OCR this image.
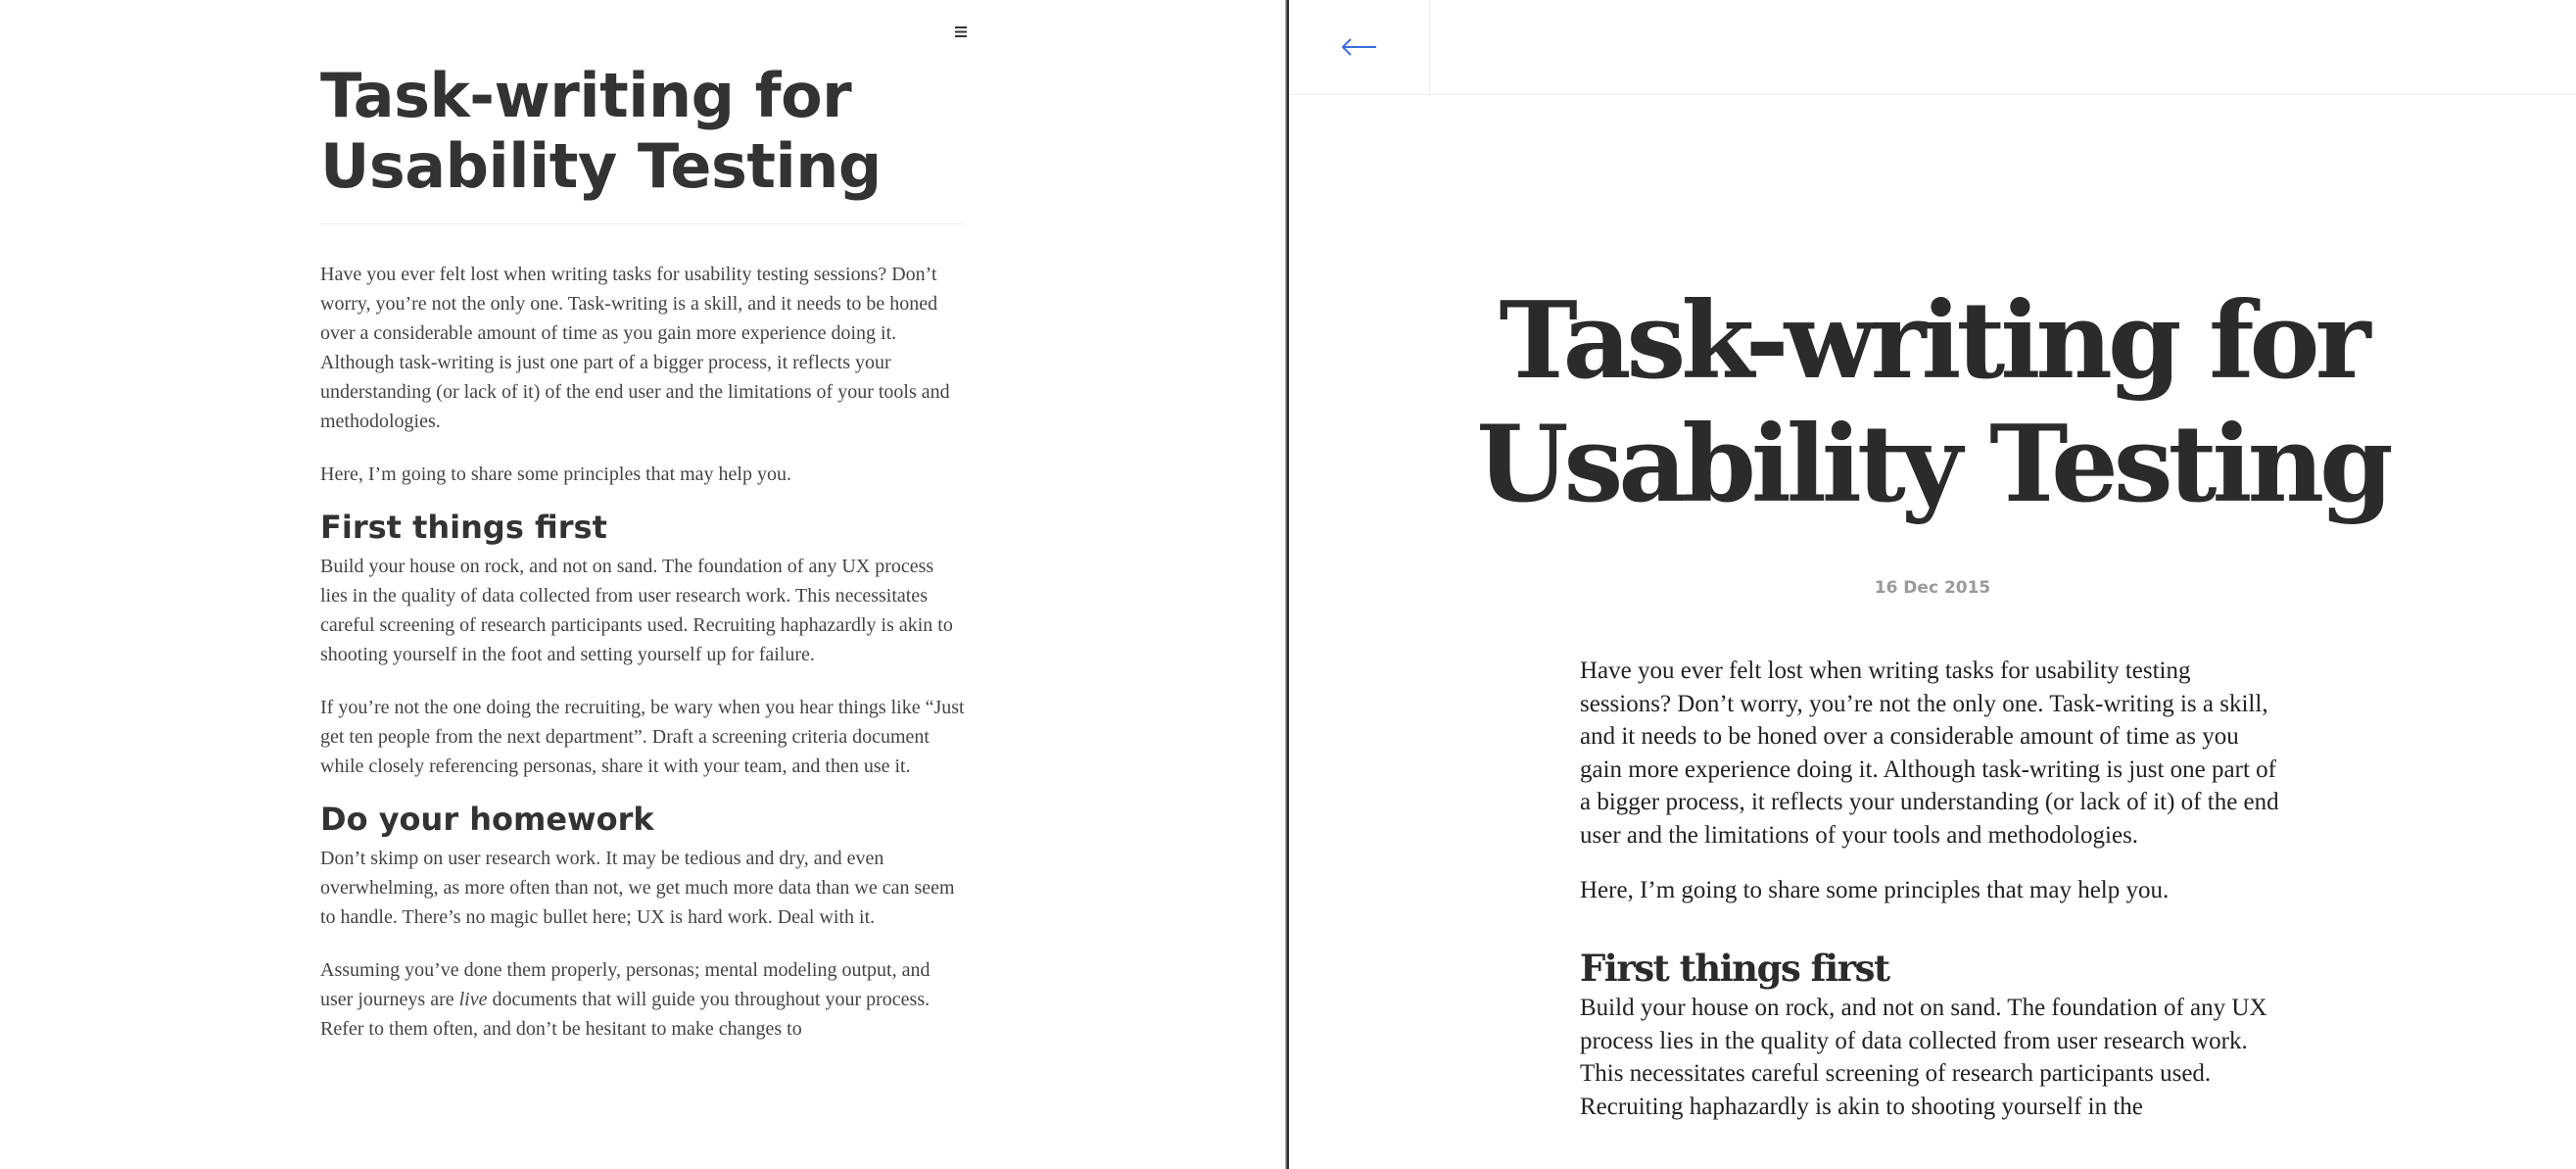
Task-writing for Usability Testing

Have you ever felt lost when writing tasks for usability testing sessions? Don’t worry, you’re not the only one. Task-writing is a skill, and it needs to be honed over a considerable amount of time as you gain more experience doing it. Although task-writing is just one part of a bigger process, it reflects your understanding (or lack of it) of the end user and the limitations of your tools and methodologies.

Here, I’m going to share some principles that may help you.

First things first

Build your house on rock, and not on sand. The foundation of any UX process lies in the quality of data collected from user research work. This necessitates careful screening of research participants used. Recruiting haphazardly is akin to shooting yourself in the foot and setting yourself up for failure.

If you’re not the one doing the recruiting, be wary when you hear things like “Just get ten people from the next department”. Draft a screening criteria document while closely referencing personas, share it with your team, and then use it.

Do your homework

Don’t skimp on user research work. It may be tedious and dry, and even overwhelming, as more often than not, we get much more data than we can seem to handle. There’s no magic bullet here; UX is hard work. Deal with it.

Assuming you’ve done them properly, personas; mental modeling output, and user journeys are live documents that will guide you throughout your process. Refer to them often, and don’t be hesitant to make changes to

Task-writing for Usability Testing
16 Dec 2015

Have you ever felt lost when writing tasks for usability testing sessions? Don’t worry, you’re not the only one. Task-writing is a skill, and it needs to be honed over a considerable amount of time as you gain more experience doing it. Although task-writing is just one part of a bigger process, it reflects your understanding (or lack of it) of the end user and the limitations of your tools and methodologies.

Here, I’m going to share some principles that may help you.

First things first

Build your house on rock, and not on sand. The foundation of any UX process lies in the quality of data collected from user research work. This necessitates careful screening of research participants used. Recruiting haphazardly is akin to shooting yourself in the
